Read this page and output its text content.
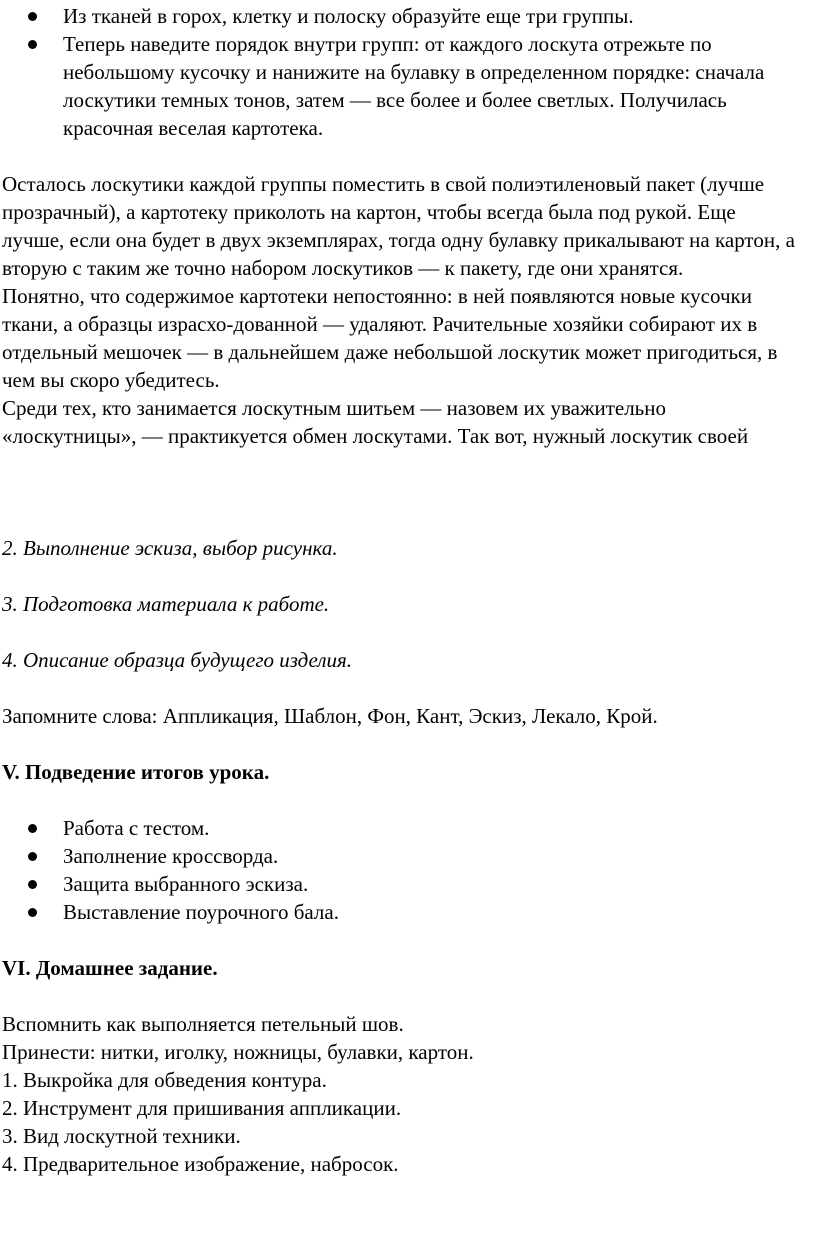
Из тканей в горох, клетку и полоску образуйте еще три группы.
Теперь наведите порядок внутри групп: от каждого лоскута отрежьте по небольшому кусочку и нанижите на булавку в определенном порядке: сначала лоскутики темных тонов, затем — все более и более светлых. Получилась красочная веселая картотека.

Осталось лоскутики каждой группы поместить в свой полиэтиленовый пакет (лучше прозрачный), а картотеку приколоть на картон, чтобы всегда была под рукой. Еще лучше, если она будет в двух экземплярах, тогда одну булавку прикалывают на картон, а вторую с таким же точно набором лоскутиков — к пакету, где они хранятся.

Понятно, что содержимое картотеки непостоянно: в ней появляются новые кусочки ткани, а образцы израсхо-дованной — удаляют. Рачительные хозяйки собирают их в отдельный мешочек — в дальнейшем даже небольшой лоскутик может пригодиться, в чем вы скоро убедитесь.

Среди тех, кто занимается лоскутным шитьем — назовем их уважительно «лоскутницы», — практикуется обмен лоскутами. Так вот, нужный лоскутик своей

2. Выполнение эскиза, выбор рисунка.

3. Подготовка материала к работе.

4. Описание образца будущего изделия.

Запомните слова: Аппликация, Шаблон, Фон, Кант, Эскиз, Лекало, Крой.

V. Подведение итогов урока.

Работа с тестом.
Заполнение кроссворда.
Защита выбранного эскиза.
Выставление поурочного бала.

VI. Домашнее задание.

Вспомнить как выполняется петельный шов.

Принести: нитки, иголку, ножницы, булавки, картон.

1. Выкройка для обведения контура.

2. Инструмент для пришивания аппликации.

3. Вид лоскутной техники.

4. Предварительное изображение, набросок.
